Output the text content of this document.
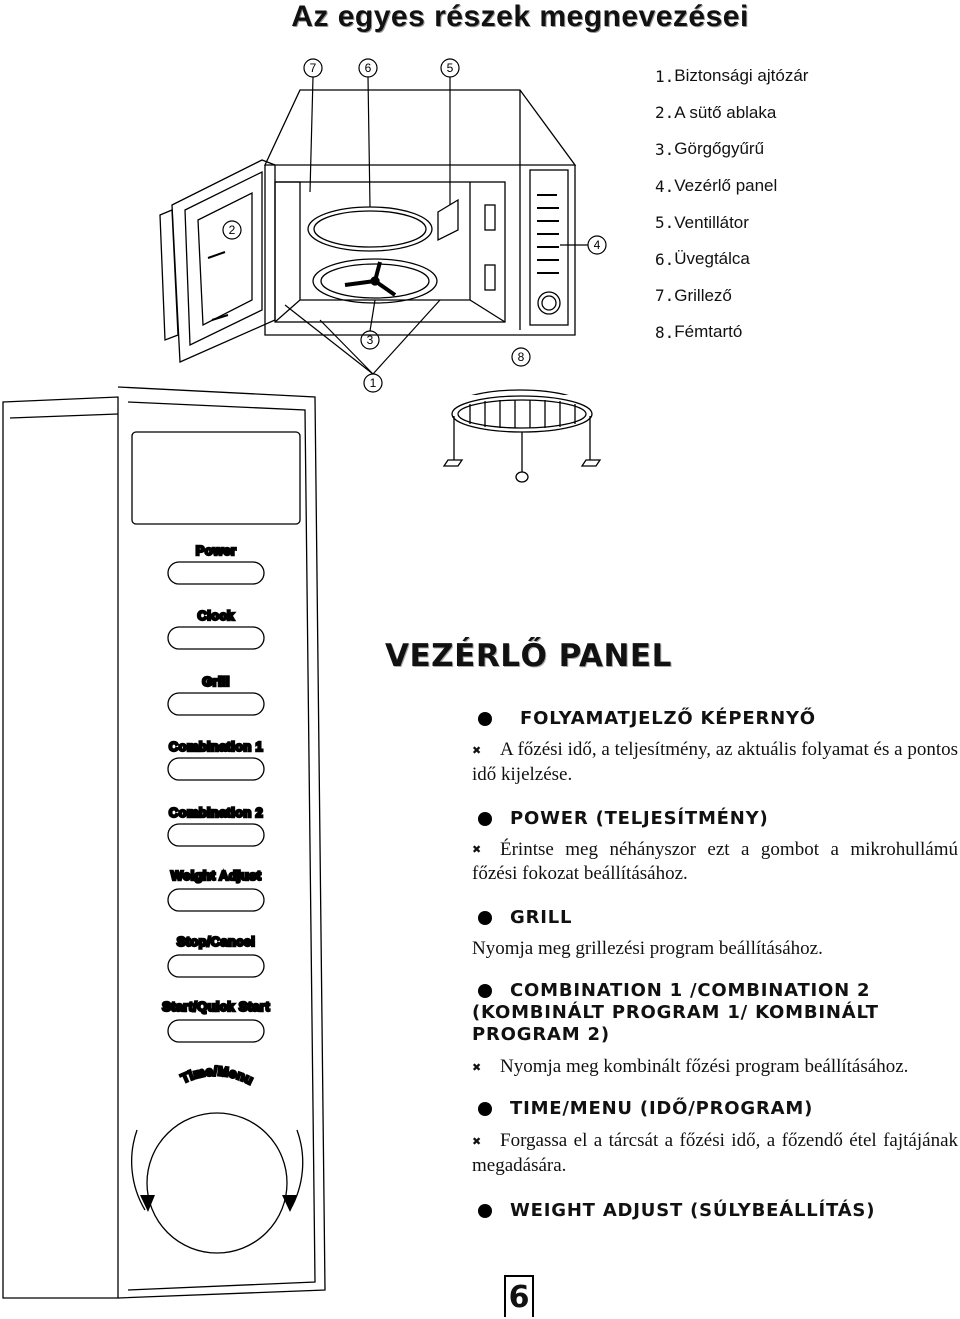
Az egyes részek megnevezései
7	6	5
2
4
3
8
1
1. Biztonsági ajtózár
2. A sütő ablaka
3. Görgőgyűrű
4. Vezérlő panel
5. Ventillátor
6. Üvegtálca
7. Grillező
8. Fémtartó
Power
Clock
Grill
Combination 1
Combination 2
Weight Adjust
Stop/Cancel
Start/Quick Start
Time/Menu
VEZÉRLŐ PANEL
FOLYAMATJELZŐ KÉPERNYŐ
✖ A főzési idő, a teljesítmény, az aktuális folyamat és a pontos idő kijelzése.
POWER (TELJESÍTMÉNY)
✖ Érintse meg néhányszor ezt a gombot a mikrohullámú főzési fokozat beállításához.
GRILL
Nyomja meg grillezési program beállításához.
COMBINATION 1 /COMBINATION 2 (KOMBINÁLT PROGRAM 1/ KOMBINÁLT PROGRAM 2)
✖ Nyomja meg kombinált főzési program beállításához.
TIME/MENU (IDŐ/PROGRAM)
✖ Forgassa el a tárcsát a főzési idő, a főzendő étel fajtájának megadására.
WEIGHT ADJUST (SÚLYBEÁLLÍTÁS)
6
